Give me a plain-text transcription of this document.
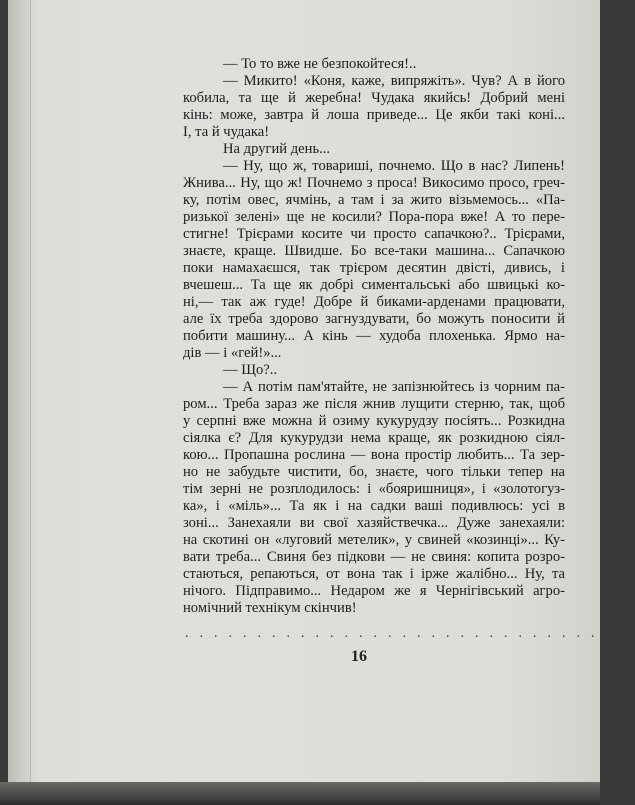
— То то вже не безпокойтеся!..
— Микито! «Коня, каже, випряжіть». Чув? А в його
кобила, та ще й жеребна! Чудака якийсь! Добрий мені
кінь: може, завтра й лоша приведе... Це якби такі коні...
І, та й чудака!
На другий день...
— Ну, що ж, товариші, почнемо. Що в нас? Липень!
Жнива... Ну, що ж! Почнемо з проса! Викосимо просо, греч-
ку, потім овес, ячмінь, а там і за жито візьмемось... «Па-
ризької зелені» ще не косили? Пора-пора вже! А то пере-
стигне! Трієрами косите чи просто сапачкою?.. Трієрами,
знаєте, краще. Швидше. Бо все-таки машина... Сапачкою
поки намахаєшся, так трієром десятин двісті, дивись, і
вчешеш... Та ще як добрі симентальські або швицькі ко-
ні,— так аж гуде! Добре й биками-арденами працювати,
але їх треба здорово загнуздувати, бо можуть поносити й
побити машину... А кінь — худоба плохенька. Ярмо на-
дів — і «гей!»...
— Що?..
— А потім пам'ятайте, не запізнюйтесь із чорним па-
ром... Треба зараз же після жнив лущити стерню, так, щоб
у серпні вже можна й озиму кукурудзу посіять... Розкидна
сіялка є? Для кукурудзи нема краще, як розкидною сіял-
кою... Пропашна рослина — вона простір любить... Та зер-
но не забудьте чистити, бо, знаєте, чого тільки тепер на
тім зерні не розплодилось: і «бояришниця», і «золотогуз-
ка», і «міль»... Та як і на садки ваші подивлюсь: усі в
зоні... Занехаяли ви свої хазяйствечка... Дуже занехаяли:
на скотині он «луговий метелик», у свиней «козинці»... Ку-
вати треба... Свиня без підкови — не свиня: копита розро-
стаються, репаються, от вона так і ірже жалібно... Ну, та
нічого. Підправимо... Недаром же я Чернігівський агро-
номічний технікум скінчив!
...............................
16
